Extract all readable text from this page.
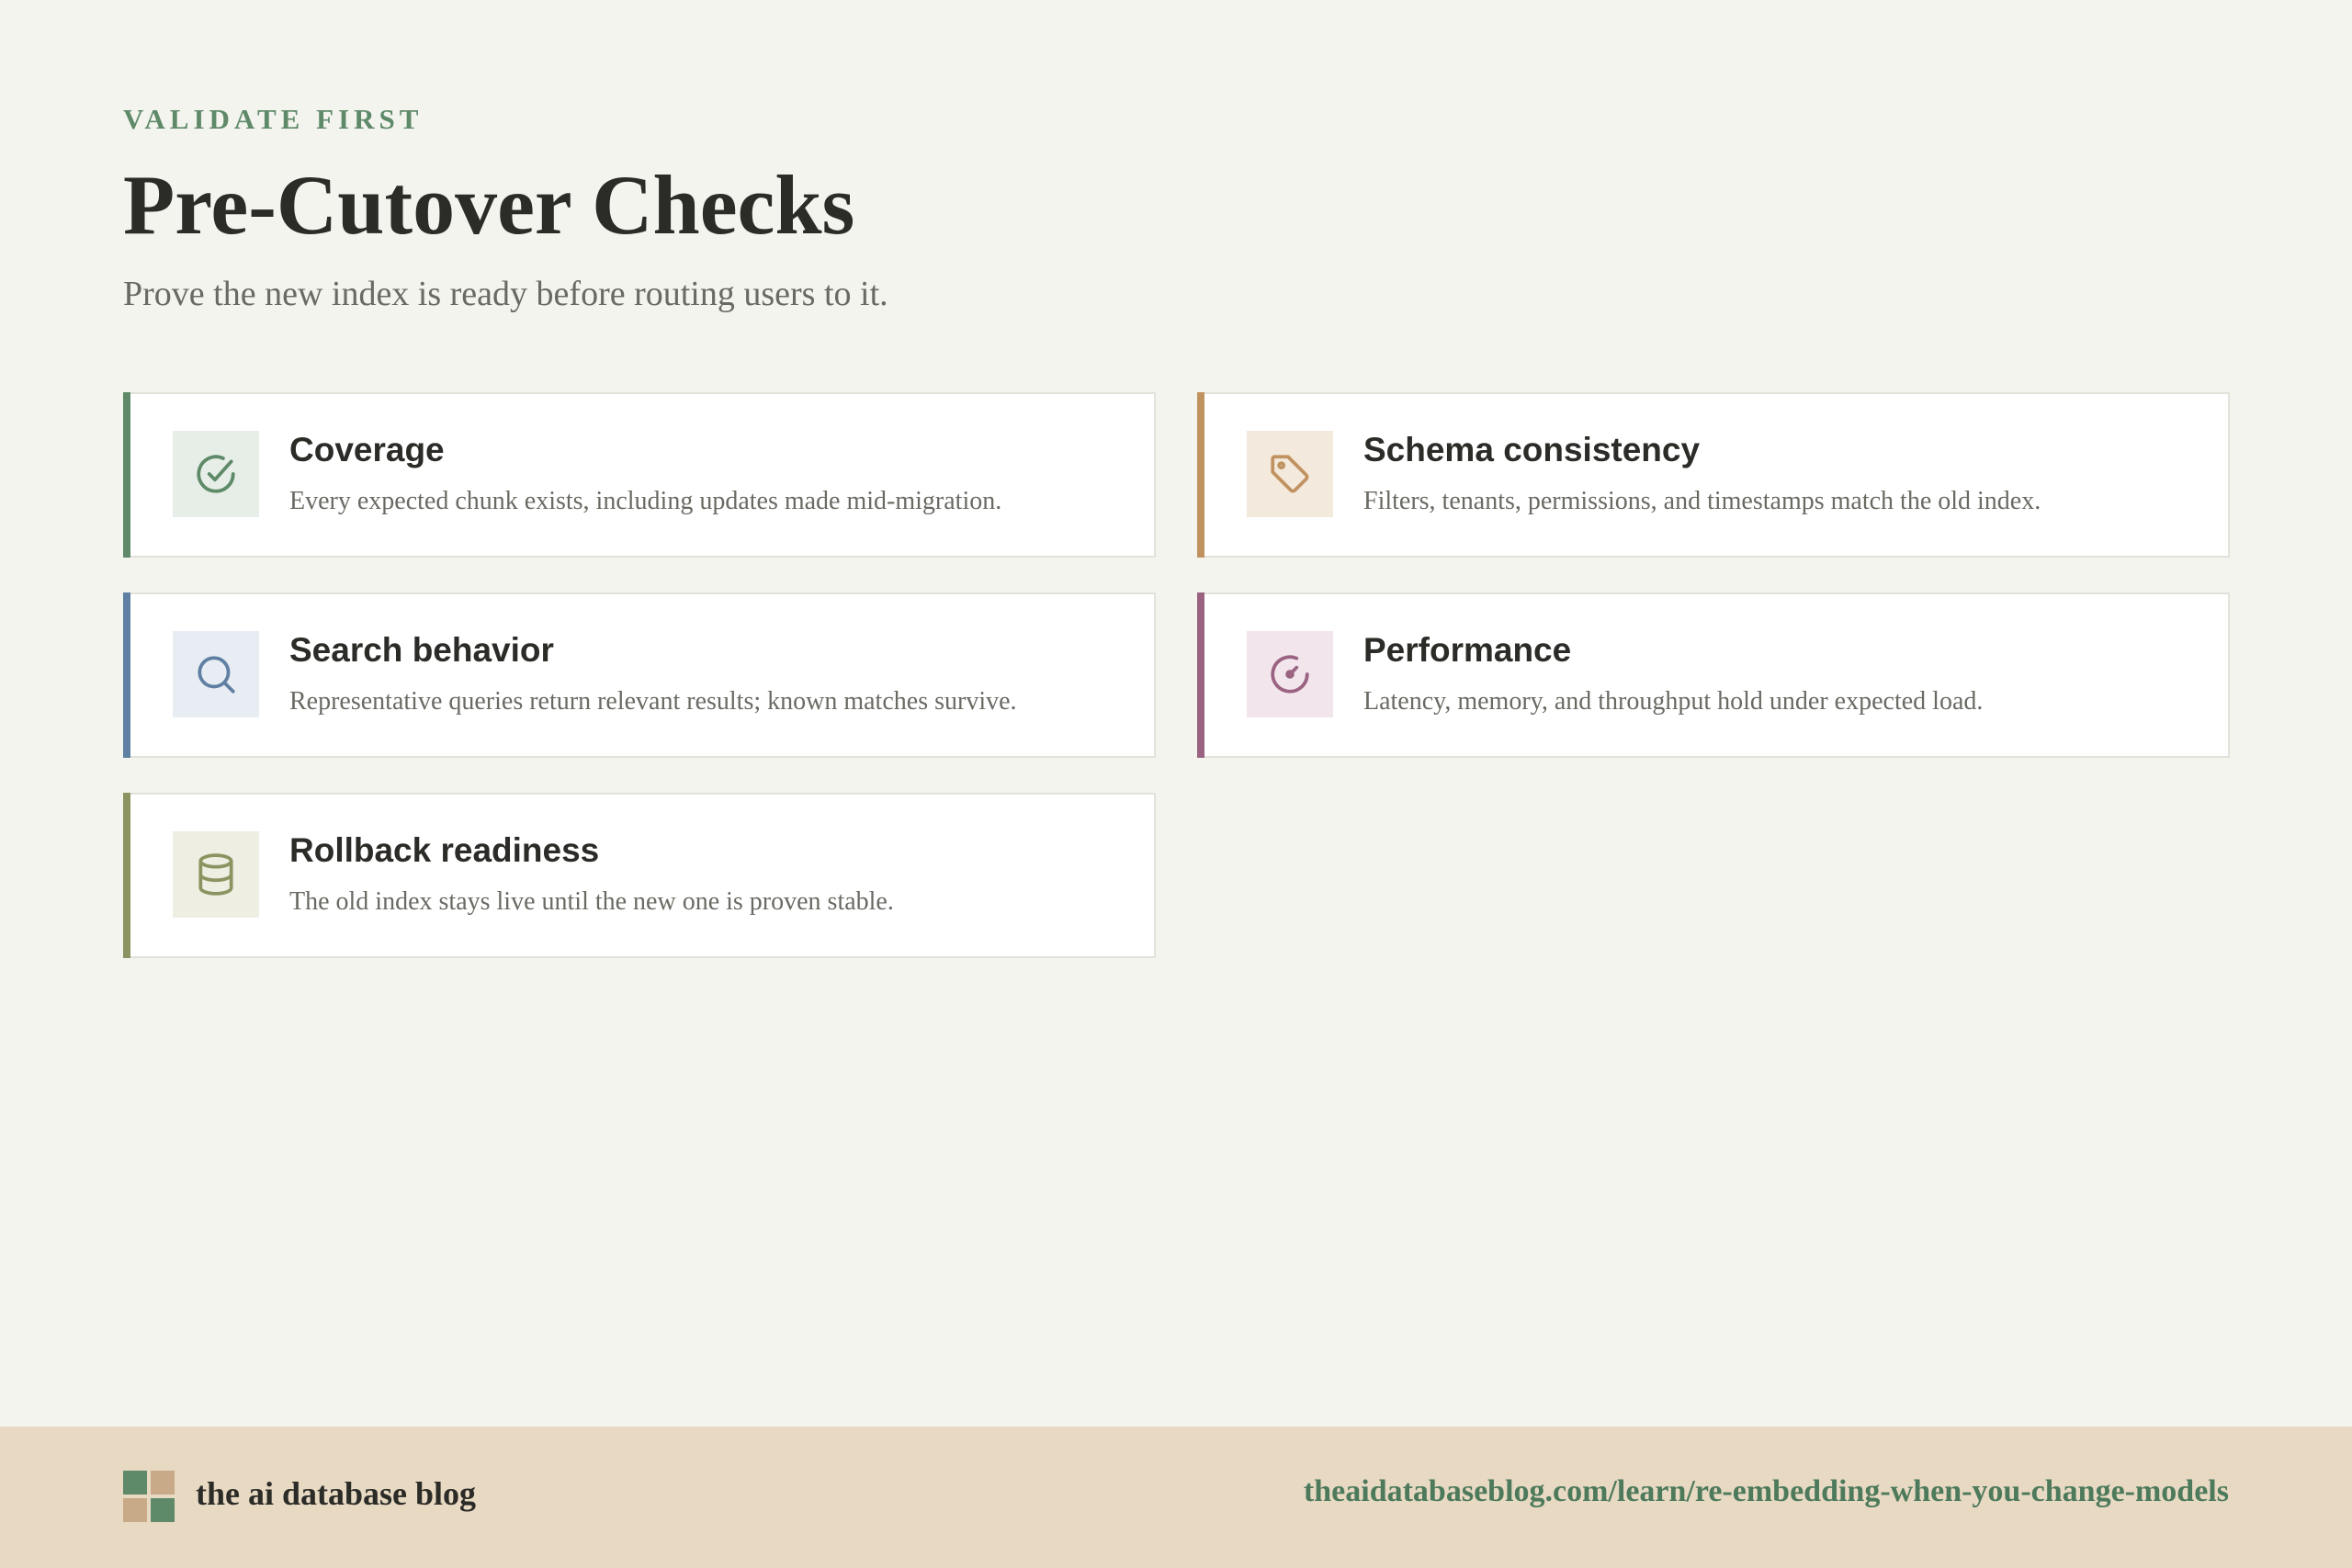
VALIDATE FIRST
Pre-Cutover Checks
Prove the new index is ready before routing users to it.
Coverage
Every expected chunk exists, including updates made mid-migration.
Schema consistency
Filters, tenants, permissions, and timestamps match the old index.
Search behavior
Representative queries return relevant results; known matches survive.
Performance
Latency, memory, and throughput hold under expected load.
Rollback readiness
The old index stays live until the new one is proven stable.
the ai database blog	theaidatabaseblog.com/learn/re-embedding-when-you-change-models
